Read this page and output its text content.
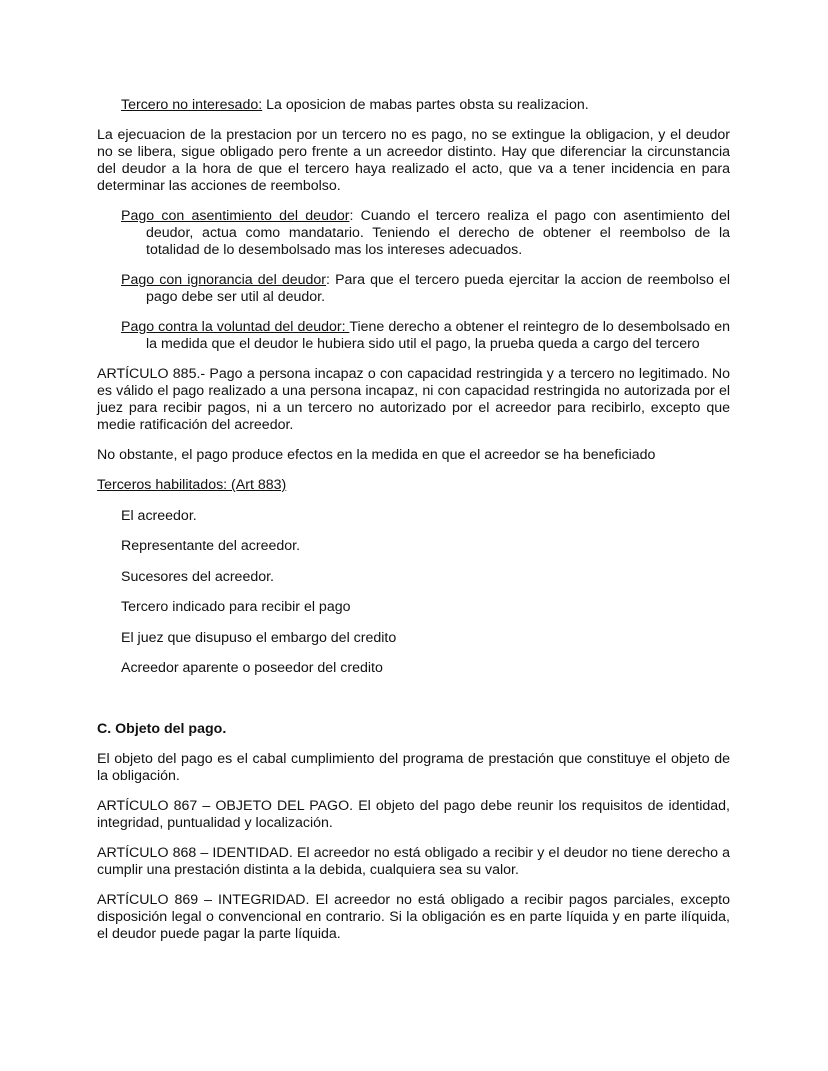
Tercero no interesado: La oposicion de mabas partes obsta su realizacion.

La ejecuacion de la prestacion por un tercero no es pago, no se extingue la obligacion, y el deudor no se libera, sigue obligado pero frente a un acreedor distinto. Hay que diferenciar la circunstancia del deudor a la hora de que el tercero haya realizado el acto, que va a tener incidencia en para determinar las acciones de reembolso.

Pago con asentimiento del deudor: Cuando el tercero realiza el pago con asentimiento del deudor, actua como mandatario. Teniendo el derecho de obtener el reembolso de la totalidad de lo desembolsado mas los intereses adecuados.

Pago con ignorancia del deudor: Para que el tercero pueda ejercitar la accion de reembolso el pago debe ser util al deudor.

Pago contra la voluntad del deudor: Tiene derecho a obtener el reintegro de lo desembolsado en la medida que el deudor le hubiera sido util el pago, la prueba queda a cargo del tercero

ARTÍCULO 885.- Pago a persona incapaz o con capacidad restringida y a tercero no legitimado. No es válido el pago realizado a una persona incapaz, ni con capacidad restringida no autorizada por el juez para recibir pagos, ni a un tercero no autorizado por el acreedor para recibirlo, excepto que medie ratificación del acreedor.

No obstante, el pago produce efectos en la medida en que el acreedor se ha beneficiado

Terceros habilitados: (Art 883)

El acreedor.

Representante del acreedor.

Sucesores del acreedor.

Tercero indicado para recibir el pago

El juez que disupuso el embargo del credito

Acreedor aparente o poseedor del credito

C. Objeto del pago.

El objeto del pago es el cabal cumplimiento del programa de prestación que constituye el objeto de la obligación.

ARTÍCULO 867 – OBJETO DEL PAGO. El objeto del pago debe reunir los requisitos de identidad, integridad, puntualidad y localización.

ARTÍCULO 868 – IDENTIDAD. El acreedor no está obligado a recibir y el deudor no tiene derecho a cumplir una prestación distinta a la debida, cualquiera sea su valor.

ARTÍCULO 869 – INTEGRIDAD. El acreedor no está obligado a recibir pagos parciales, excepto disposición legal o convencional en contrario. Si la obligación es en parte líquida y en parte ilíquida, el deudor puede pagar la parte líquida.
